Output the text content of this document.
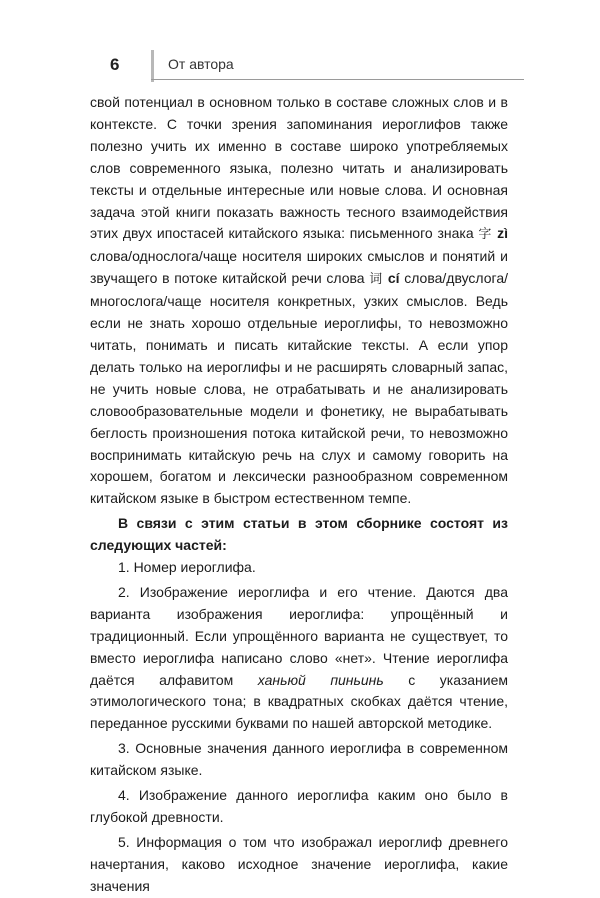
6	От автора

свой потенциал в основном только в составе сложных слов и в контексте. С точки зрения запоминания иероглифов также полезно учить их именно в составе широко употребляемых слов современного языка, полезно читать и анализировать тексты и отдельные интересные или новые слова. И основная задача этой книги показать важность тесного взаимодействия этих двух ипостасей китайского языка: письменного знака 字 zì слова/однослога/чаще носителя широких смыслов и понятий и звучащего в потоке китайской речи слова 词 cí слова/двуслога/многослога/чаще носителя конкретных, узких смыслов. Ведь если не знать хорошо отдельные иероглифы, то невозможно читать, понимать и писать китайские тексты. А если упор делать только на иероглифы и не расширять словарный запас, не учить новые слова, не отрабатывать и не анализировать словообразовательные модели и фонетику, не вырабатывать беглость произношения потока китайской речи, то невозможно воспринимать китайскую речь на слух и самому говорить на хорошем, богатом и лексически разнообразном современном китайском языке в быстром естественном темпе.

В связи с этим статьи в этом сборнике состоят из следующих частей:

1. Номер иероглифа.

2. Изображение иероглифа и его чтение. Даются два варианта изображения иероглифа: упрощённый и традиционный. Если упрощённого варианта не существует, то вместо иероглифа написано слово «нет». Чтение иероглифа даётся алфавитом ханьюй пиньинь с указанием этимологического тона; в квадратных скобках даётся чтение, переданное русскими буквами по нашей авторской методике.

3. Основные значения данного иероглифа в современном китайском языке.

4. Изображение данного иероглифа каким оно было в глубокой древности.

5. Информация о том что изображал иероглиф древнего начертания, каково исходное значение иероглифа, какие значения
